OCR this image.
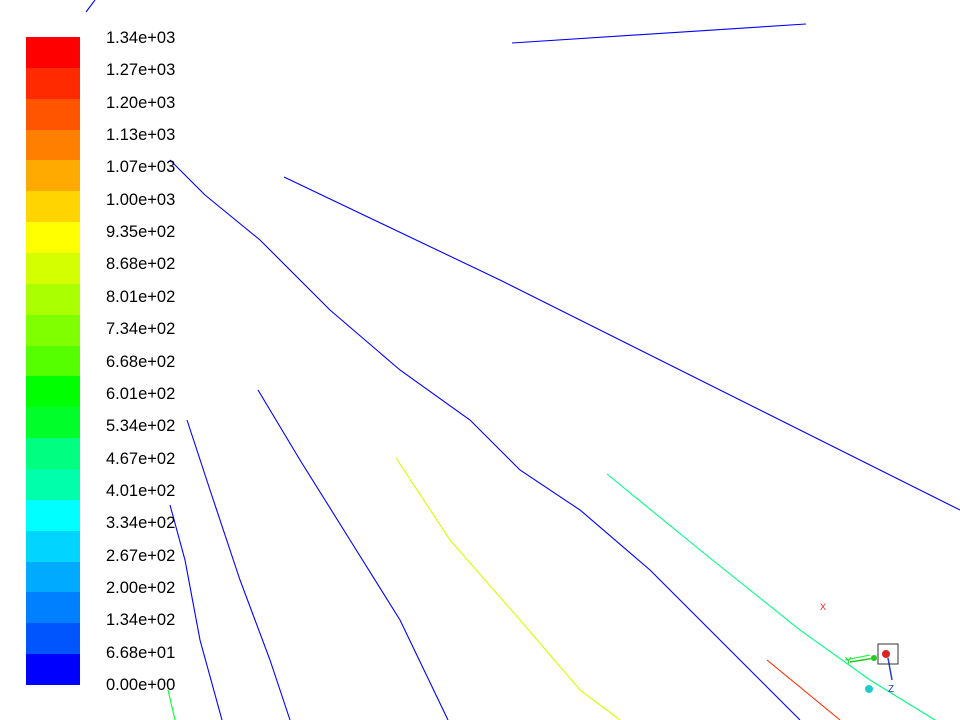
1.34e+03
1.27e+03
1.20e+03
1.13e+03
1.07e+03
1.00e+03
9.35e+02
8.68e+02
8.01e+02
7.34e+02
6.68e+02
6.01e+02
5.34e+02
4.67e+02
4.01e+02
3.34e+02
2.67e+02
2.00e+02
1.34e+02
6.68e+01
0.00e+00
Y
Z
X
